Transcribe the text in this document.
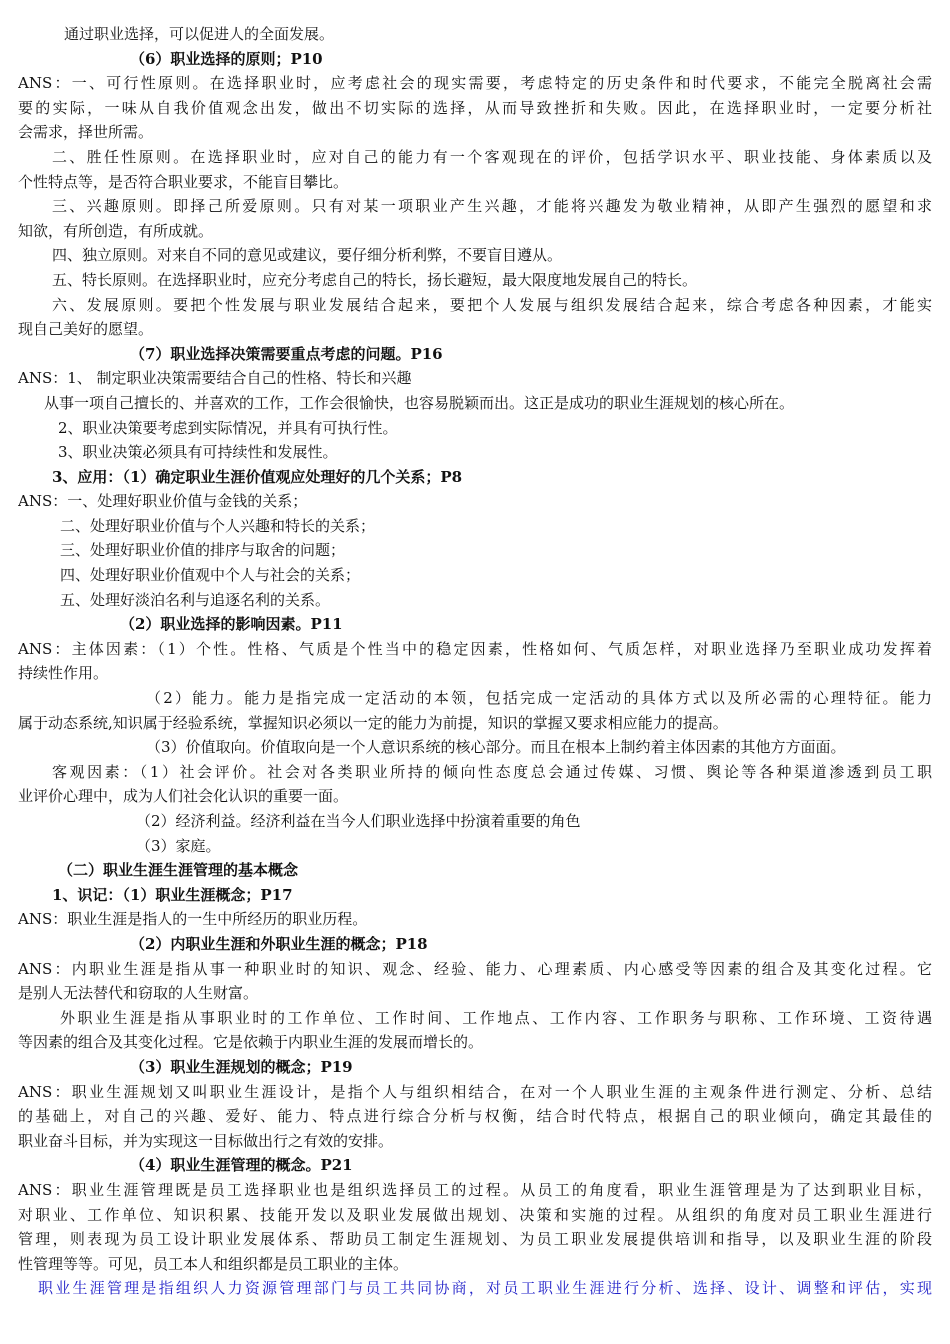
通过职业选择，可以促进人的全面发展。
（6）职业选择的原则；P10
ANS：一、可行性原则。在选择职业时，应考虑社会的现实需要，考虑特定的历史条件和时代要求，不能完全脱离社会需
要的实际，一味从自我价值观念出发，做出不切实际的选择，从而导致挫折和失败。因此，在选择职业时，一定要分析社
会需求，择世所需。
二、胜任性原则。在选择职业时，应对自己的能力有一个客观现在的评价，包括学识水平、职业技能、身体素质以及
个性特点等，是否符合职业要求，不能盲目攀比。
三、兴趣原则。即择己所爱原则。只有对某一项职业产生兴趣，才能将兴趣发为敬业精神，从即产生强烈的愿望和求
知欲，有所创造，有所成就。
四、独立原则。对来自不同的意见或建议，要仔细分析利弊，不要盲目遵从。
五、特长原则。在选择职业时，应充分考虑自己的特长，扬长避短，最大限度地发展自己的特长。
六、发展原则。要把个性发展与职业发展结合起来，要把个人发展与组织发展结合起来，综合考虑各种因素，才能实
现自己美好的愿望。
（7）职业选择决策需要重点考虑的问题。P16
ANS：1、 制定职业决策需要结合自己的性格、特长和兴趣
从事一项自己擅长的、并喜欢的工作，工作会很愉快，也容易脱颖而出。这正是成功的职业生涯规划的核心所在。
2、职业决策要考虑到实际情况，并具有可执行性。
3、职业决策必须具有可持续性和发展性。
3、应用：（1）确定职业生涯价值观应处理好的几个关系；P8
ANS：一、处理好职业价值与金钱的关系；
二、处理好职业价值与个人兴趣和特长的关系；
三、处理好职业价值的排序与取舍的问题；
四、处理好职业价值观中个人与社会的关系；
五、处理好淡泊名利与追逐名利的关系。
（2）职业选择的影响因素。P11
ANS：主体因素：（1）个性。性格、气质是个性当中的稳定因素，性格如何、气质怎样，对职业选择乃至职业成功发挥着
持续性作用。
（2）能力。能力是指完成一定活动的本领，包括完成一定活动的具体方式以及所必需的心理特征。能力
属于动态系统,知识属于经验系统，掌握知识必须以一定的能力为前提，知识的掌握又要求相应能力的提高。
（3）价值取向。价值取向是一个人意识系统的核心部分。而且在根本上制约着主体因素的其他方方面面。
客观因素：（1）社会评价。社会对各类职业所持的倾向性态度总会通过传媒、习惯、舆论等各种渠道渗透到员工职
业评价心理中，成为人们社会化认识的重要一面。
（2）经济利益。经济利益在当今人们职业选择中扮演着重要的角色
（3）家庭。
（二）职业生涯生涯管理的基本概念
1、识记：（1）职业生涯概念；P17
ANS：职业生涯是指人的一生中所经历的职业历程。
（2）内职业生涯和外职业生涯的概念；P18
ANS：内职业生涯是指从事一种职业时的知识、观念、经验、能力、心理素质、内心感受等因素的组合及其变化过程。它
是别人无法替代和窃取的人生财富。
外职业生涯是指从事职业时的工作单位、工作时间、工作地点、工作内容、工作职务与职称、工作环境、工资待遇
等因素的组合及其变化过程。它是依赖于内职业生涯的发展而增长的。
（3）职业生涯规划的概念；P19
ANS：职业生涯规划又叫职业生涯设计，是指个人与组织相结合，在对一个人职业生涯的主观条件进行测定、分析、总结
的基础上，对自己的兴趣、爱好、能力、特点进行综合分析与权衡，结合时代特点，根据自己的职业倾向，确定其最佳的
职业奋斗目标，并为实现这一目标做出行之有效的安排。
（4）职业生涯管理的概念。P21
ANS：职业生涯管理既是员工选择职业也是组织选择员工的过程。从员工的角度看，职业生涯管理是为了达到职业目标，
对职业、工作单位、知识积累、技能开发以及职业发展做出规划、决策和实施的过程。从组织的角度对员工职业生涯进行
管理，则表现为员工设计职业发展体系、帮助员工制定生涯规划、为员工职业发展提供培训和指导，以及职业生涯的阶段
性管理等等。可见，员工本人和组织都是员工职业的主体。
职业生涯管理是指组织人力资源管理部门与员工共同协商，对员工职业生涯进行分析、选择、设计、调整和评估，实现
